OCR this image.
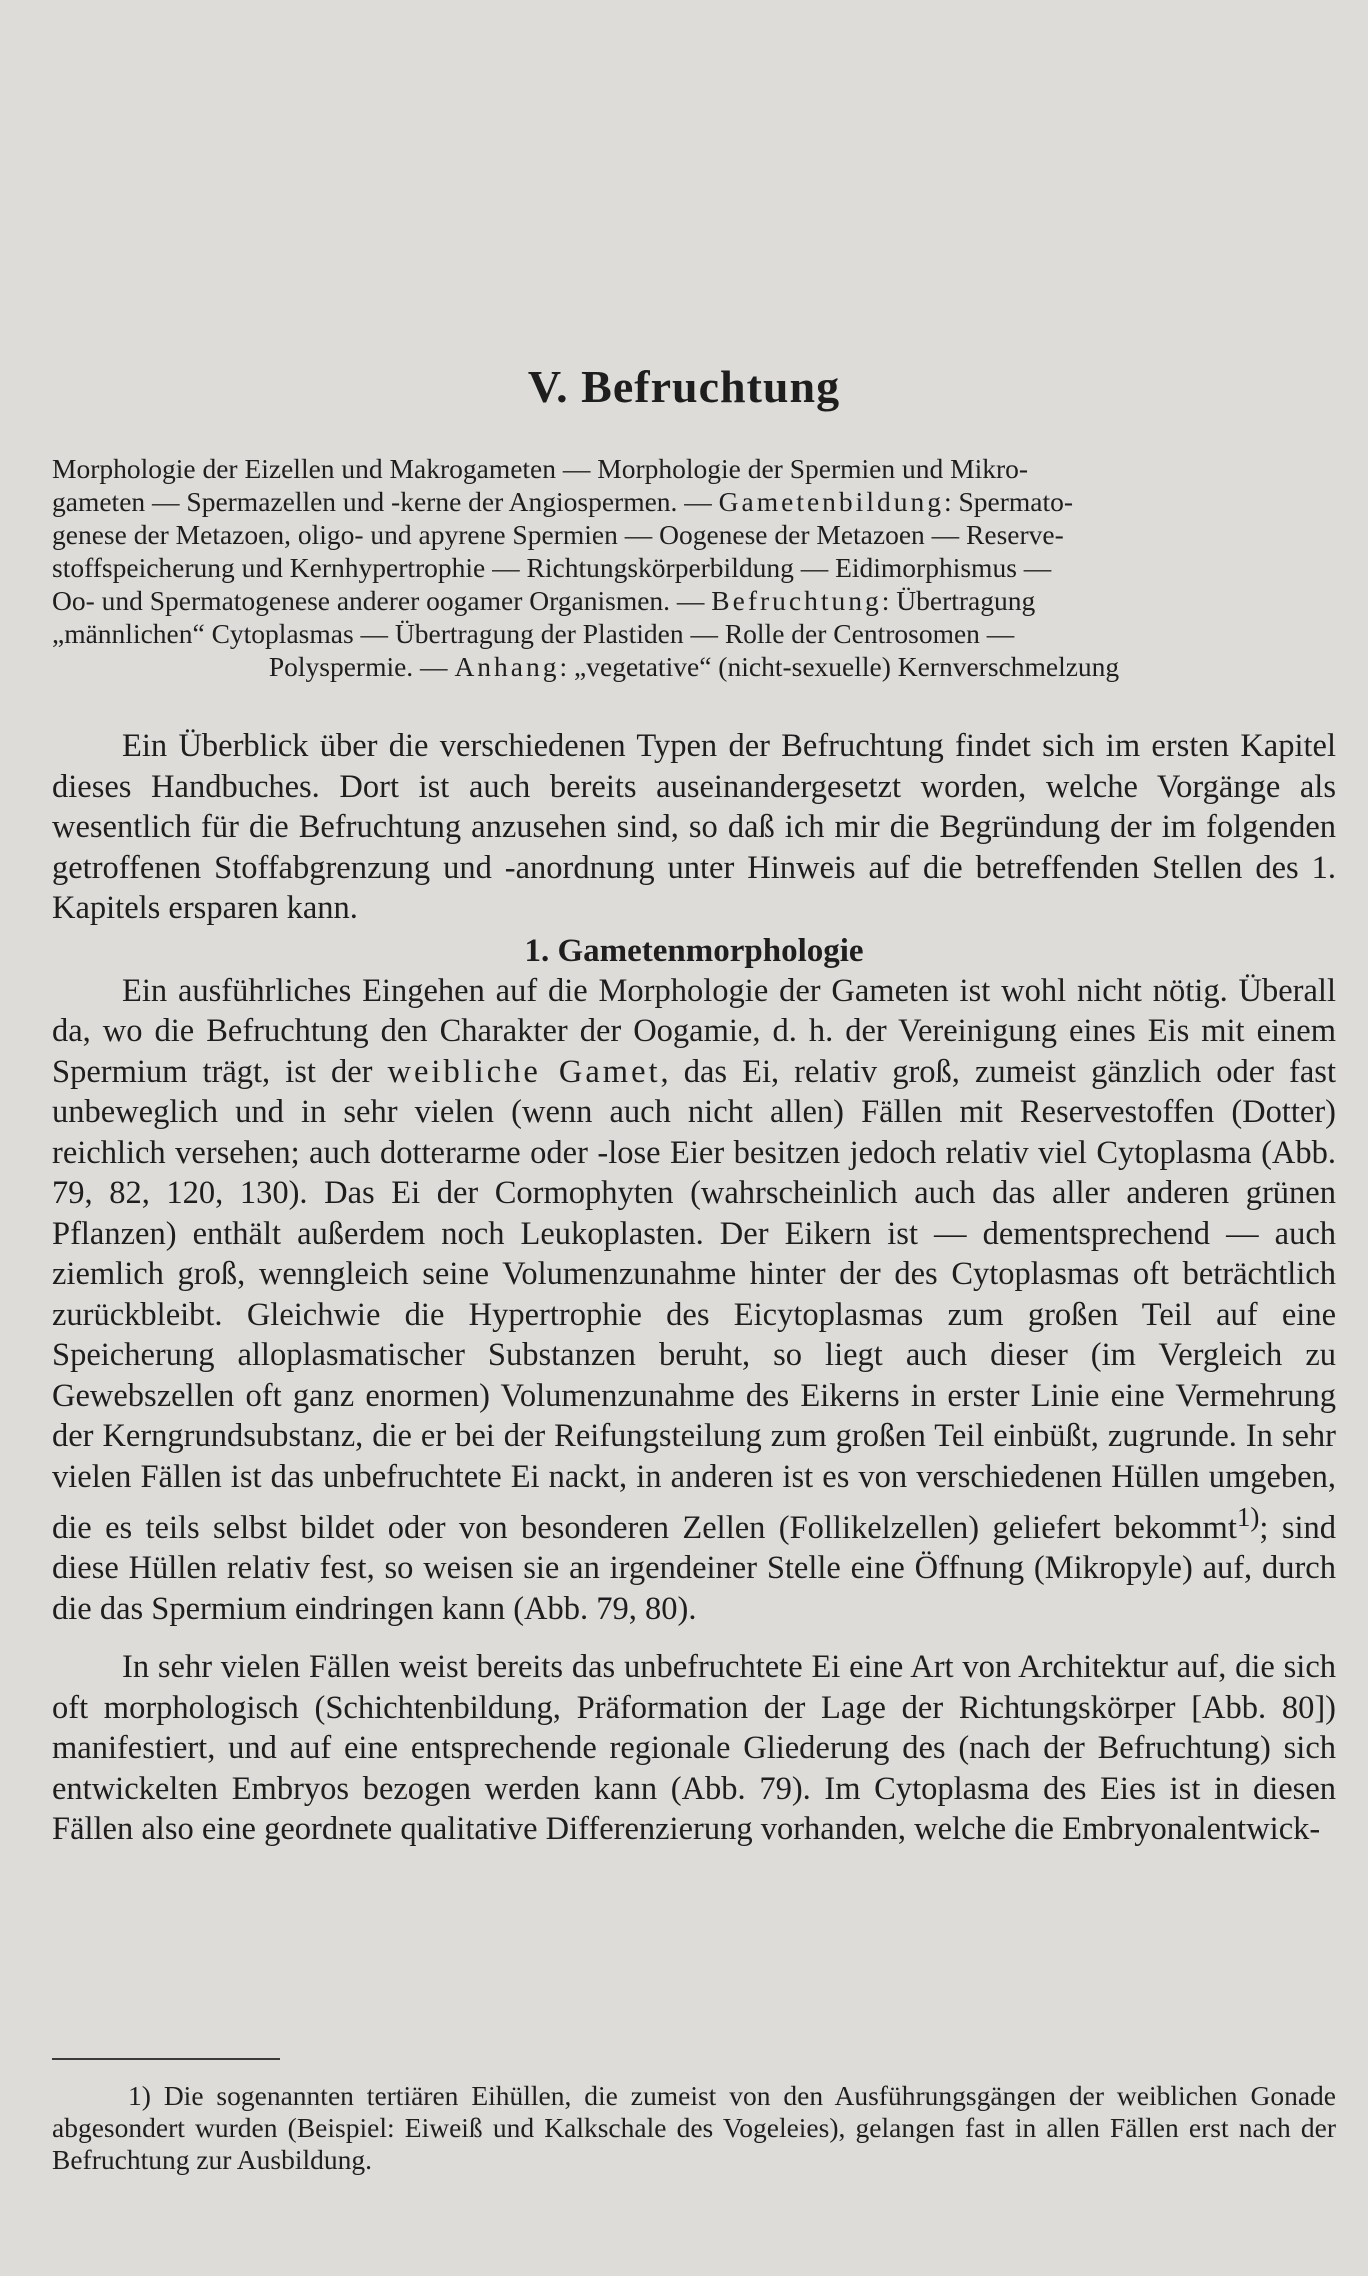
V. Befruchtung
Morphologie der Eizellen und Makrogameten — Morphologie der Spermien und Mikro-
gameten — Spermazellen und -kerne der Angiospermen. — Gametenbildung: Spermato-
genese der Metazoen, oligo- und apyrene Spermien — Oogenese der Metazoen — Reserve-
stoffspeicherung und Kernhypertrophie — Richtungskörperbildung — Eidimorphismus —
Oo- und Spermatogenese anderer oogamer Organismen. — Befruchtung: Übertragung
„männlichen“ Cytoplasmas — Übertragung der Plastiden — Rolle der Centrosomen —
Polyspermie. — Anhang: „vegetative“ (nicht-sexuelle) Kernverschmelzung

Ein Überblick über die verschiedenen Typen der Befruchtung findet sich im ersten Kapitel dieses Handbuches. Dort ist auch bereits auseinandergesetzt worden, welche Vorgänge als wesentlich für die Befruchtung anzusehen sind, so daß ich mir die Begründung der im folgenden getroffenen Stoffabgrenzung und -anordnung unter Hinweis auf die betreffenden Stellen des 1. Kapitels ersparen kann.

1. Gametenmorphologie

Ein ausführliches Eingehen auf die Morphologie der Gameten ist wohl nicht nötig. Überall da, wo die Befruchtung den Charakter der Oogamie, d. h. der Vereinigung eines Eis mit einem Spermium trägt, ist der weibliche Gamet, das Ei, relativ groß, zumeist gänzlich oder fast unbeweglich und in sehr vielen (wenn auch nicht allen) Fällen mit Reservestoffen (Dotter) reichlich versehen; auch dotterarme oder -lose Eier besitzen jedoch relativ viel Cytoplasma (Abb. 79, 82, 120, 130). Das Ei der Cormophyten (wahrscheinlich auch das aller anderen grünen Pflanzen) enthält außerdem noch Leukoplasten. Der Eikern ist — dementsprechend — auch ziemlich groß, wenngleich seine Volumenzunahme hinter der des Cytoplasmas oft beträchtlich zurückbleibt. Gleichwie die Hypertrophie des Eicytoplasmas zum großen Teil auf eine Speicherung alloplasmatischer Substanzen beruht, so liegt auch dieser (im Vergleich zu Gewebszellen oft ganz enormen) Volumenzunahme des Eikerns in erster Linie eine Vermehrung der Kerngrundsubstanz, die er bei der Reifungsteilung zum großen Teil einbüßt, zugrunde. In sehr vielen Fällen ist das unbefruchtete Ei nackt, in anderen ist es von verschiedenen Hüllen umgeben, die es teils selbst bildet oder von besonderen Zellen (Follikelzellen) geliefert bekommt$^{1)}$; sind diese Hüllen relativ fest, so weisen sie an irgendeiner Stelle eine Öffnung (Mikropyle) auf, durch die das Spermium eindringen kann (Abb. 79, 80).

In sehr vielen Fällen weist bereits das unbefruchtete Ei eine Art von Architektur auf, die sich oft morphologisch (Schichtenbildung, Präformation der Lage der Richtungskörper [Abb. 80]) manifestiert, und auf eine entsprechende regionale Gliederung des (nach der Befruchtung) sich entwickelten Embryos bezogen werden kann (Abb. 79). Im Cytoplasma des Eies ist in diesen Fällen also eine geordnete qualitative Differenzierung vorhanden, welche die Embryonalentwick-

1) Die sogenannten tertiären Eihüllen, die zumeist von den Ausführungsgängen der weiblichen Gonade abgesondert wurden (Beispiel: Eiweiß und Kalkschale des Vogeleies), gelangen fast in allen Fällen erst nach der Befruchtung zur Ausbildung.
